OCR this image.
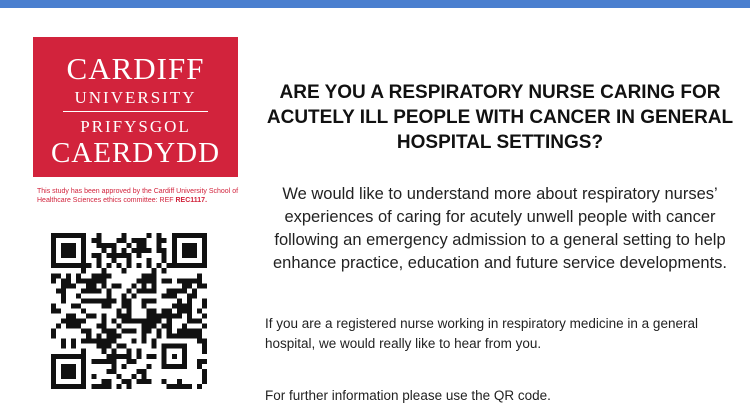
CARDIFF
UNIVERSITY
PRIFYSGOL
CAERDYDD
This study has been approved by the Cardiff University School of Healthcare Sciences ethics committee: REF REC1117.
ARE YOU A RESPIRATORY NURSE CARING FOR ACUTELY ILL PEOPLE WITH CANCER IN GENERAL HOSPITAL SETTINGS?
We would like to understand more about respiratory nurses’ experiences of caring for acutely unwell people with cancer following an emergency admission to a general setting to help enhance practice, education and future service developments.
If you are a registered nurse working in respiratory medicine in a general hospital, we would really like to hear from you.
For further information please use the QR code.
